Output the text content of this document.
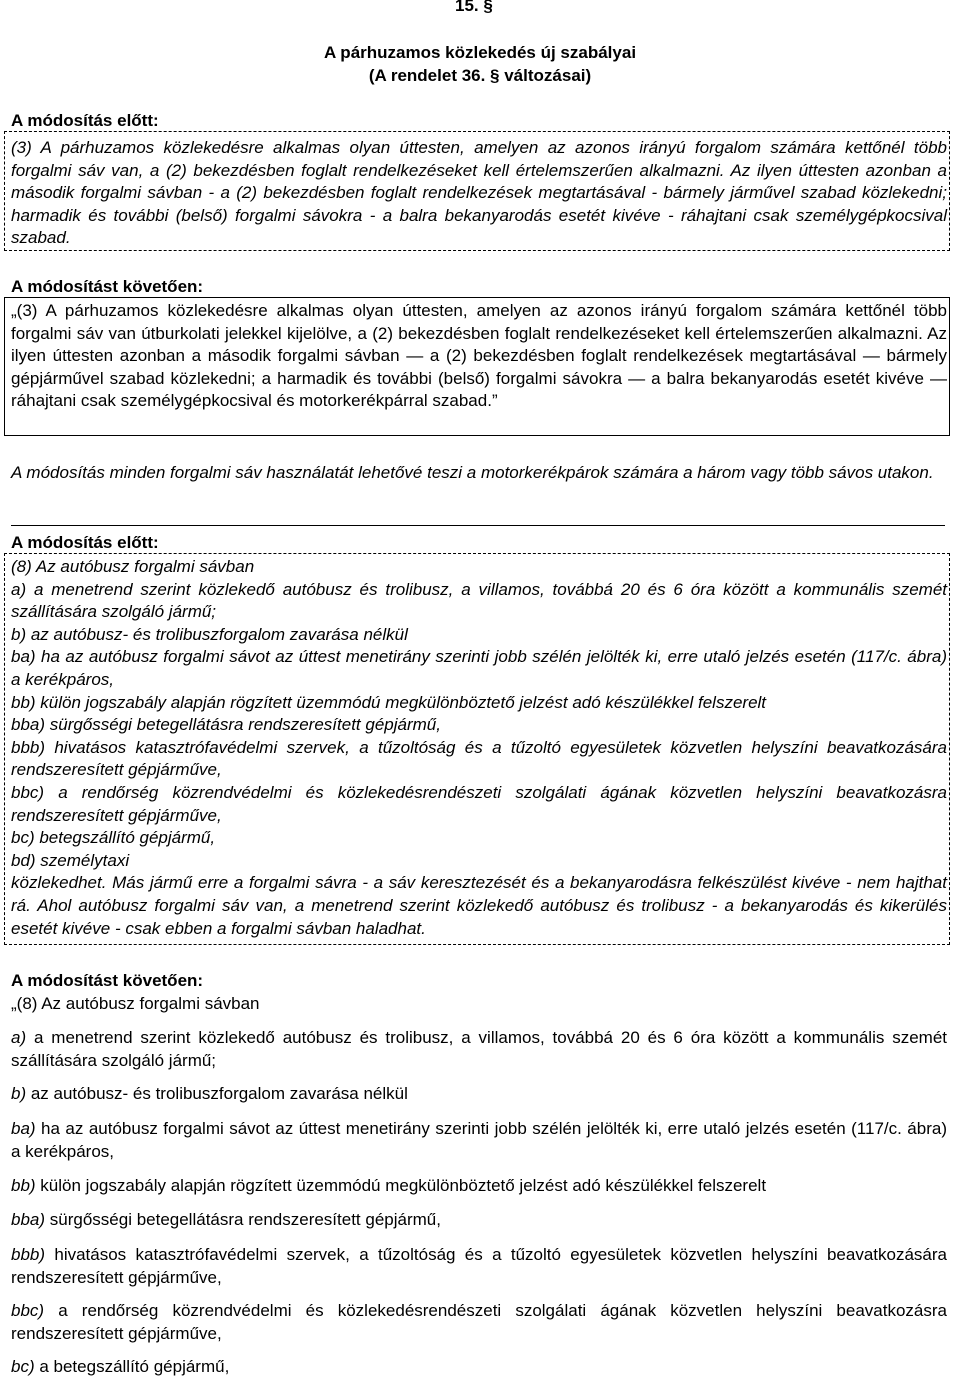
15. §
A párhuzamos közlekedés új szabályai
(A rendelet 36. § változásai)
A módosítás előtt:

(3) A párhuzamos közlekedésre alkalmas olyan úttesten, amelyen az azonos irányú forgalom számára kettőnél több forgalmi sáv van, a (2) bekezdésben foglalt rendelkezéseket kell értelemszerűen alkalmazni. Az ilyen úttesten azonban a második forgalmi sávban - a (2) bekezdésben foglalt rendelkezések megtartásával - bármely járművel szabad közlekedni; harmadik és további (belső) forgalmi sávokra - a balra bekanyarodás esetét kivéve - ráhajtani csak személygépkocsival szabad.

A módosítást követően:

„(3) A párhuzamos közlekedésre alkalmas olyan úttesten, amelyen az azonos irányú forgalom számára kettőnél több forgalmi sáv van útburkolati jelekkel kijelölve, a (2) bekezdésben foglalt rendelkezéseket kell értelemszerűen alkalmazni. Az ilyen úttesten azonban a második forgalmi sávban — a (2) bekezdésben foglalt rendelkezések megtartásával — bármely gépjárművel szabad közlekedni; a harmadik és további (belső) forgalmi sávokra — a balra bekanyarodás esetét kivéve — ráhajtani csak személygépkocsival és motorkerékpárral szabad.”

A módosítás minden forgalmi sáv használatát lehetővé teszi a motorkerékpárok számára a három vagy több sávos utakon.

A módosítás előtt:
(8) Az autóbusz forgalmi sávban
a) a menetrend szerint közlekedő autóbusz és trolibusz, a villamos, továbbá 20 és 6 óra között a kommunális szemét szállítására szolgáló jármű;
b) az autóbusz- és trolibuszforgalom zavarása nélkül
ba) ha az autóbusz forgalmi sávot az úttest menetirány szerinti jobb szélén jelölték ki, erre utaló jelzés esetén (117/c. ábra) a kerékpáros,
bb) külön jogszabály alapján rögzített üzemmódú megkülönböztető jelzést adó készülékkel felszerelt
bba) sürgősségi betegellátásra rendszeresített gépjármű,
bbb) hivatásos katasztrófavédelmi szervek, a tűzoltóság és a tűzoltó egyesületek közvetlen helyszíni beavatkozására rendszeresített gépjárműve,
bbc) a rendőrség közrendvédelmi és közlekedésrendészeti szolgálati ágának közvetlen helyszíni beavatkozásra rendszeresített gépjárműve,
bc) betegszállító gépjármű,
bd) személytaxi
közlekedhet. Más jármű erre a forgalmi sávra - a sáv keresztezését és a bekanyarodásra felkészülést kivéve - nem hajthat rá. Ahol autóbusz forgalmi sáv van, a menetrend szerint közlekedő autóbusz és trolibusz - a bekanyarodás és kikerülés esetét kivéve - csak ebben a forgalmi sávban haladhat.
A módosítást követően:

„(8) Az autóbusz forgalmi sávban

a) a menetrend szerint közlekedő autóbusz és trolibusz, a villamos, továbbá 20 és 6 óra között a kommunális szemét szállítására szolgáló jármű;

b) az autóbusz- és trolibuszforgalom zavarása nélkül

ba) ha az autóbusz forgalmi sávot az úttest menetirány szerinti jobb szélén jelölték ki, erre utaló jelzés esetén (117/c. ábra) a kerékpáros,

bb) külön jogszabály alapján rögzített üzemmódú megkülönböztető jelzést adó készülékkel felszerelt

bba) sürgősségi betegellátásra rendszeresített gépjármű,

bbb) hivatásos katasztrófavédelmi szervek, a tűzoltóság és a tűzoltó egyesületek közvetlen helyszíni beavatkozására rendszeresített gépjárműve,

bbc) a rendőrség közrendvédelmi és közlekedésrendészeti szolgálati ágának közvetlen helyszíni beavatkozásra rendszeresített gépjárműve,

bc) a betegszállító gépjármű,
